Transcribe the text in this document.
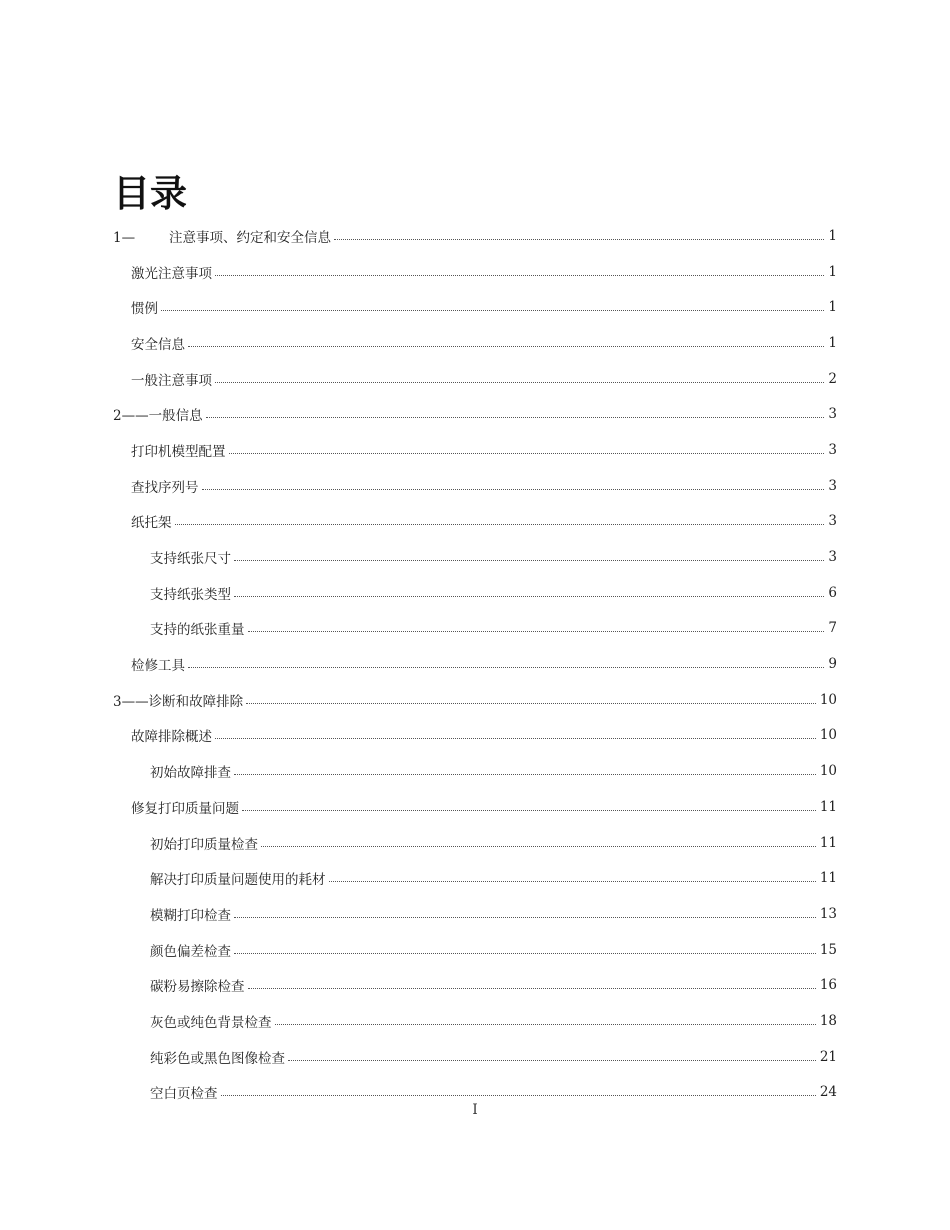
目录
1—	注意事项、约定和安全信息	1
激光注意事项	1
惯例	1
安全信息	1
一般注意事项	2
2——一般信息	3
打印机模型配置	3
查找序列号	3
纸托架	3
支持纸张尺寸	3
支持纸张类型	6
支持的纸张重量	7
检修工具	9
3——诊断和故障排除	10
故障排除概述	10
初始故障排查	10
修复打印质量问题	11
初始打印质量检查	11
解决打印质量问题使用的耗材	11
模糊打印检查	13
颜色偏差检查	15
碳粉易擦除检查	16
灰色或纯色背景检查	18
纯彩色或黑色图像检查	21
空白页检查	24
I
